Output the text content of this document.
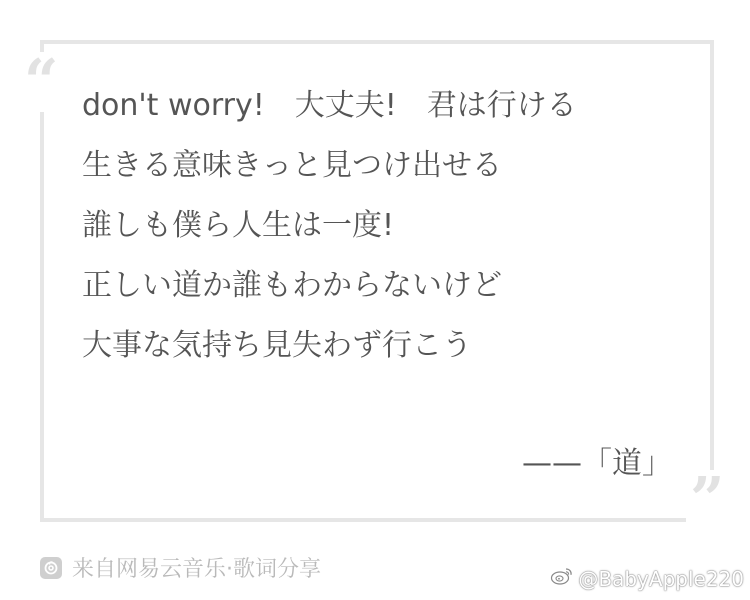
“
”
don't worry!　大丈夫!　君は行ける
生きる意味きっと見つけ出せる
誰しも僕ら人生は一度!
正しい道か誰もわからないけど
大事な気持ち見失わず行こう
——「道」
来自网易云音乐·歌词分享	@BabyApple220
